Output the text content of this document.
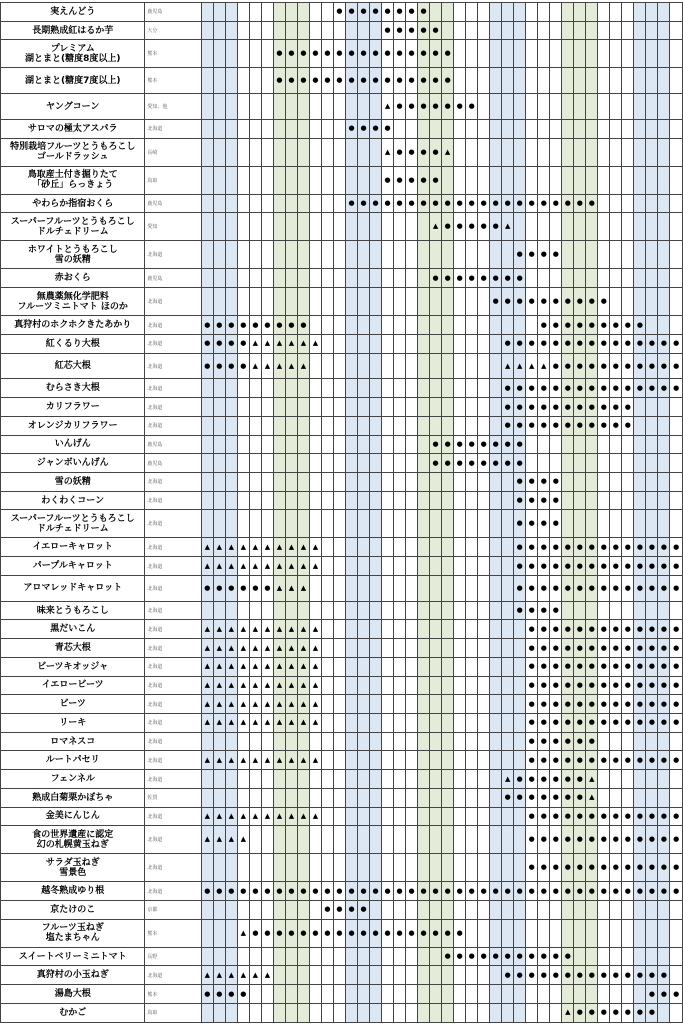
実えんどう	鹿児島												●	●	●	●	●	●	●	●																					

長期熟成紅はるか芋	大分																●	●	●	●	●																				

プレミアム
湖とまと(糖度8度以上)	熊本							●	●	●	●	●	●	●	●	●	●	●	●	●	●	●																			

湖とまと(糖度7度以上)	熊本							●	●	●	●	●	●	●	●	●	●	●	●	●	●	●																			

ヤングコーン	愛知、他																▲	●	●	●	●	●	●	●																	

サロマの極太アスパラ	北海道													●	●	●	●																								

特別栽培フルーツとうもろこし
ゴールドラッシュ	長崎																▲	●	●	●	●	▲																			

鳥取産土付き掘りたて
「砂丘」らっきょう	鳥取																●	●	●	●	●																				

やわらか指宿おくら	鹿児島													●	●	●	●	●	●	●	●	●	●	●	●	●	●	●	●	●	●	●	●	●							

スーパーフルーツとうもろこし
ドルチェドリーム	愛知																				▲	●	●	●	●	●	▲														

ホワイトとうもろこし
雪の妖精	北海道																											●	●	●	●										

赤おくら	鹿児島																				●	●	●	●	●	●	●	●													

無農薬無化学肥料
フルーツミニトマト ほのか	北海道																									●	●	●	●	●	●	●	●	●	●						

真狩村のホクホクきたあかり	北海道	●	●	●	●	●	●	●	●	●																				●	●	●	●	●	●	●	●	●			

紅くるり大根	北海道	●	●	●	●	▲	▲	▲	▲	▲	▲																●	●	●	●	●	●	●	●	●	●	●	●	●	●	●

紅芯大根	北海道	●	●	●	●	▲	▲	▲	▲	▲																	▲	▲	▲	▲	●	●	●	●	●	●	●	●	●	●	●

むらさき大根	北海道																										●	●	●	●	●	●	●	●	●	●	●	●	●	●	●

カリフラワー	北海道																										●	●	●	●	●	●	●	●	●	●	●				

オレンジカリフラワー	北海道																										●	●	●	●	●	●	●	●	●	●	●				

いんげん	鹿児島																				●	●	●	●	●	●	●	●													

ジャンボいんげん	鹿児島																				●	●	●	●	●	●	●	●													

雪の妖精	北海道																											●	●	●	●										

わくわくコーン	北海道																											●	●	●	●										

スーパーフルーツとうもろこし
ドルチェドリーム	北海道																											●	●	●	●										

イエローキャロット	北海道	▲	▲	▲	▲	▲	▲	▲	▲	▲	▲																	●	●	●	●	●	●	●	●	●	●	●	●	●	●

パープルキャロット	北海道	▲	▲	▲	▲	▲	▲	▲	▲	▲	▲																	●	●	●	●	●	●	●	●	●	●	●	●	●	●

アロマレッドキャロット	北海道	●	●	●	●	●	●	▲	▲	▲																		●	●	●	●	●	●	●	●	●	●	●	●	●	●

味来とうもろこし	北海道																											●	●	●	●										

黒だいこん	北海道	▲	▲	▲	▲	▲	▲	▲	▲	▲	▲																		●	●	●	●	●	●	●	●	●	●	●	●	●

青芯大根	北海道	▲	▲	▲	▲	▲	▲	▲	▲	▲	▲																		●	●	●	●	●	●	●	●	●	●	●	●	●

ビーツキオッジャ	北海道	▲	▲	▲	▲	▲	▲	▲	▲	▲	▲																		●	●	●	●	●	●	●	●	●	●	●	●	●

イエロービーツ	北海道	▲	▲	▲	▲	▲	▲	▲	▲	▲	▲																		●	●	●	●	●	●	●	●	●	●	●	●	●

ビーツ	北海道	▲	▲	▲	▲	▲	▲	▲	▲	▲	▲																		●	●	●	●	●	●	●	●	●	●	●	●	●

リーキ	北海道	▲	▲	▲	▲	▲	▲	▲	▲	▲	▲																		●	●	●	●	●	●	●	●	●	●	●	●	●

ロマネスコ	北海道																												●	●	●	●	●	●							

ルートパセリ	北海道	▲	▲	▲	▲	▲	▲	▲	▲	▲	▲																		●	●	●	●	●	●	●	●	●	●	●	●	●

フェンネル	北海道																										▲	●	●	●	●	●	●	▲							

熟成白菊栗かぼちゃ	佐賀																										●	●	●	●	●	●	●	▲							

金美にんじん	北海道	▲	▲	▲	▲	▲	▲	▲	▲	▲	▲																		●	●	●	●	●	●	●	●	●	●	●	●	●

食の世界遺産に認定
幻の札幌黄玉ねぎ	北海道	▲	▲	▲	▲																								●	●	●	●	●	●	●	●	●	●	●	●	●

サラダ玉ねぎ
雪景色	北海道																												●	●	●	●	●	●	●	●	●	●	●	●	●

越冬熟成ゆり根	北海道	●	●	●	●	●	●	●	●	●	●	●	●	●	●	●	●	●	●	●	●	●	●	●	●	●	●	●	●	●	●	●	●	●	●	●	●	●	●	●	●

京たけのこ	京都											●	●	●	●																										

フルーツ玉ねぎ
塩たまちゃん	熊本				▲	●	●	●	●	●	●	●	●	●	●	●	●	●	●	●	●	●	●																		

スイートベリーミニトマト	長野																					●	●	●	●	●	●	●	●	●	●	●									

真狩村の小玉ねぎ	北海道	▲	▲	▲	▲	▲	▲																				●	●	●	●	●	●	●	●	●	●	●	●	●	●	

湯島大根	熊本	●	●	●	●																																		●	●	●

むかご	鳥取																															▲	●	●	●	●	●	●	●		
